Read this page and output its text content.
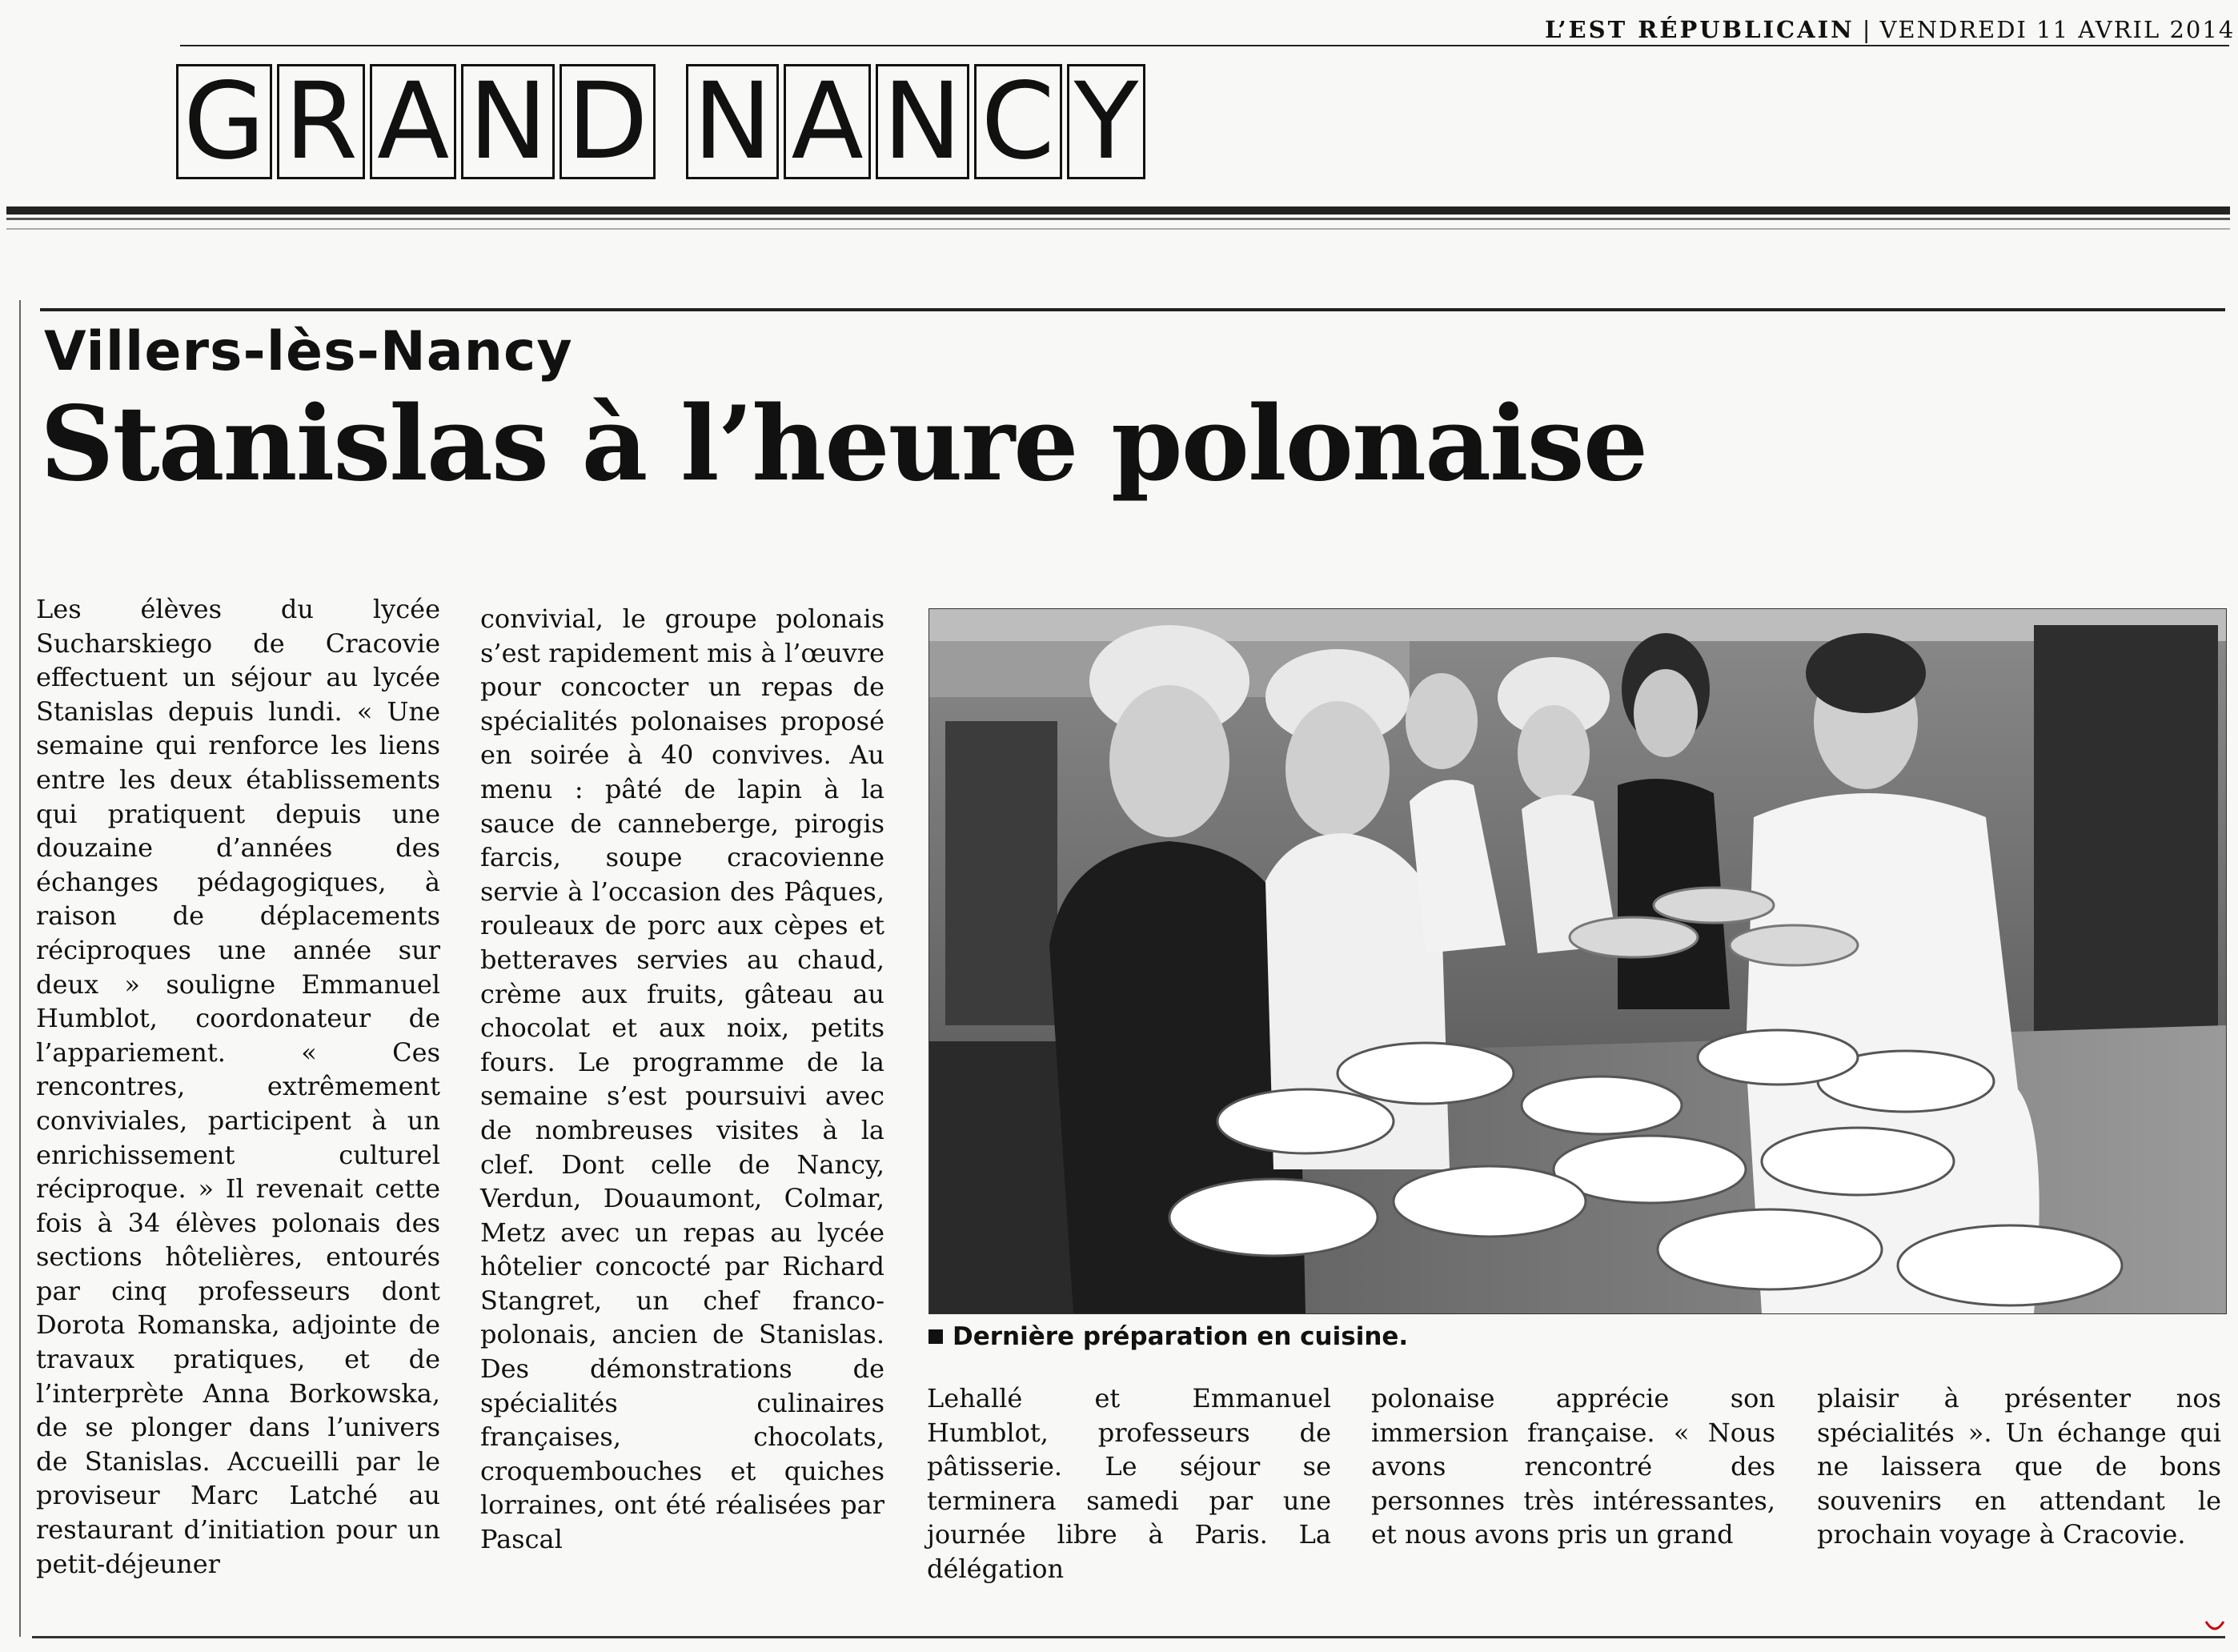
L’EST RÉPUBLICAIN | VENDREDI 11 AVRIL 2014
G R A N D N A N C Y
Villers-lès-Nancy
Stanislas à l’heure polonaise
Les élèves du lycée Sucharskiego de Cracovie effectuent un séjour au lycée Stanislas depuis lundi. « Une semaine qui renforce les liens entre les deux établissements qui pratiquent depuis une douzaine d’années des échanges pédagogiques, à raison de déplacements réciproques une année sur deux » souligne Emmanuel Humblot, coordonateur de l’appariement. « Ces rencontres, extrêmement conviviales, participent à un enrichissement culturel réciproque. » Il revenait cette fois à 34 élèves polonais des sections hôtelières, entourés par cinq professeurs dont Dorota Romanska, adjointe de travaux pratiques, et de l’interprète Anna Borkowska, de se plonger dans l’univers de Stanislas. Accueilli par le proviseur Marc Latché au restaurant d’initiation pour un petit-déjeuner
convivial, le groupe polonais s’est rapidement mis à l’œuvre pour concocter un repas de spécialités polonaises proposé en soirée à 40 convives. Au menu : pâté de lapin à la sauce de canneberge, pirogis farcis, soupe cracovienne servie à l’occasion des Pâques, rouleaux de porc aux cèpes et betteraves servies au chaud, crème aux fruits, gâteau au chocolat et aux noix, petits fours. Le programme de la semaine s’est poursuivi avec de nombreuses visites à la clef. Dont celle de Nancy, Verdun, Douaumont, Colmar, Metz avec un repas au lycée hôtelier concocté par Richard Stangret, un chef franco-polonais, ancien de Stanislas. Des démonstrations de spécialités culinaires françaises, chocolats, croquembouches et quiches lorraines, ont été réalisées par Pascal
Dernière préparation en cuisine.
Lehallé et Emmanuel Humblot, professeurs de pâtisserie. Le séjour se terminera samedi par une journée libre à Paris. La délégation
polonaise apprécie son immersion française. « Nous avons rencontré des personnes très intéressantes, et nous avons pris un grand
plaisir à présenter nos spécialités ». Un échange qui ne laissera que de bons souvenirs en attendant le prochain voyage à Cracovie.
